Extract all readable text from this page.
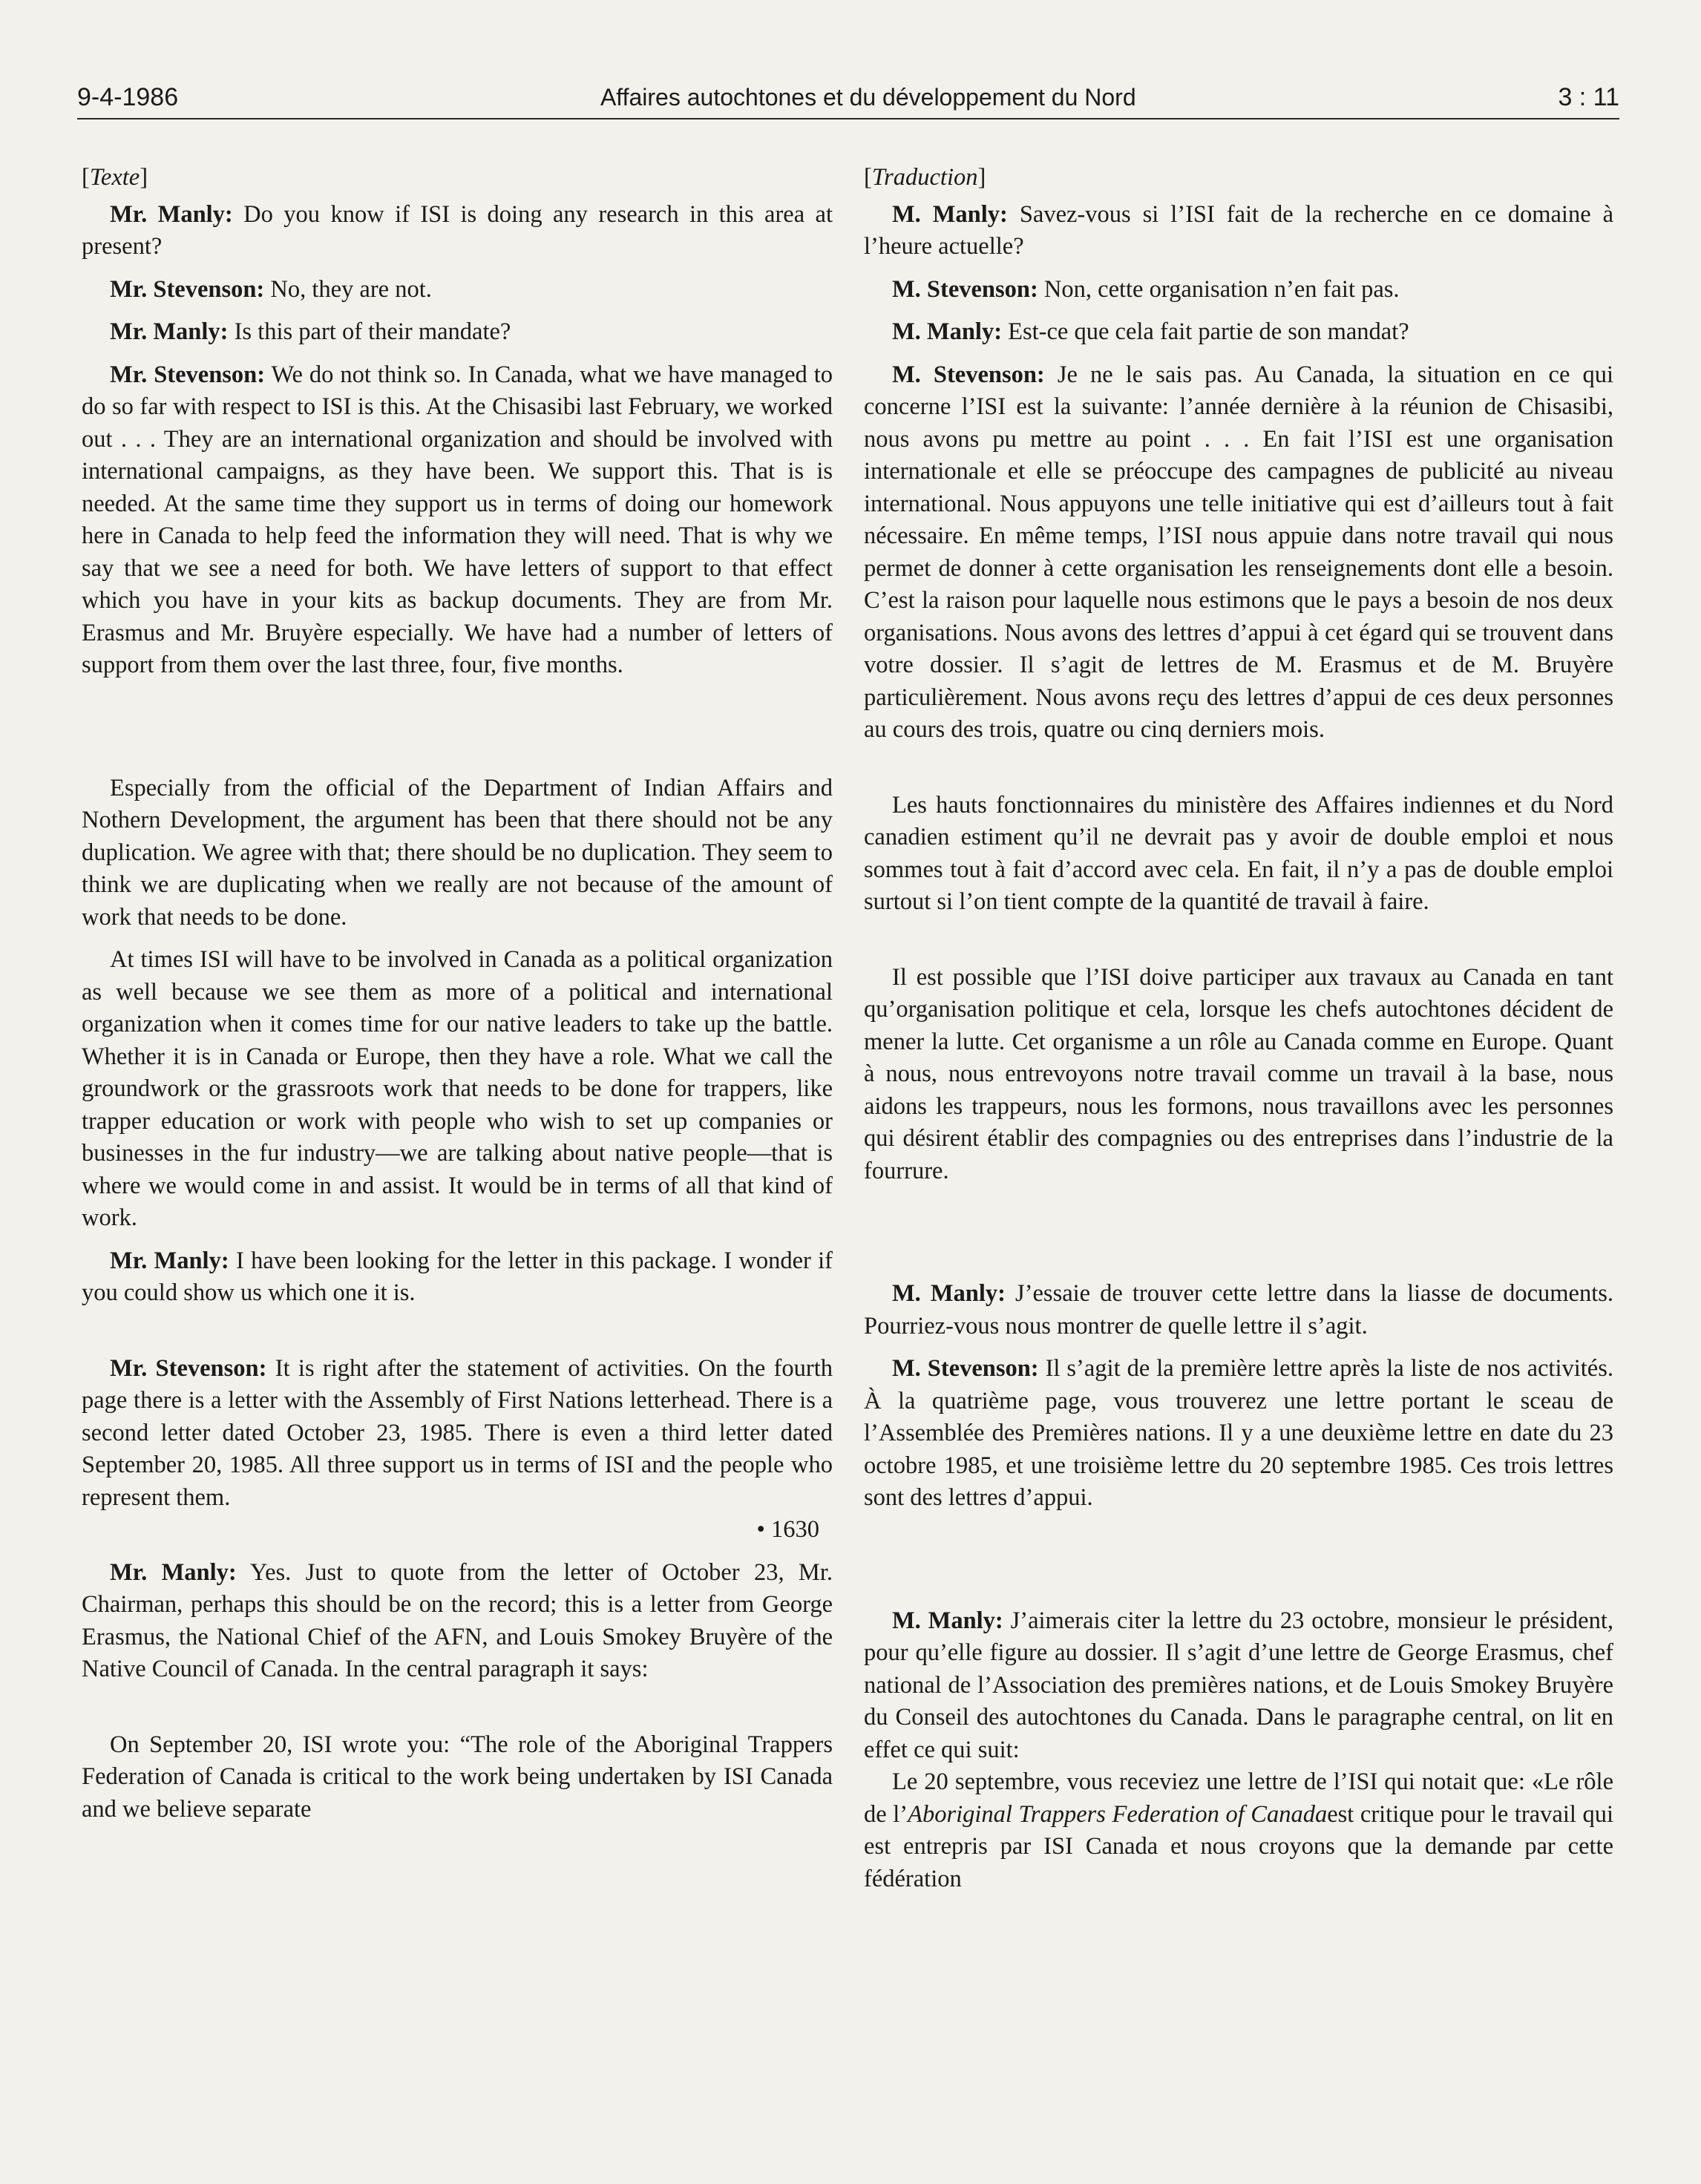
9-4-1986	Affaires autochtones et du développement du Nord	3 : 11

[Texte]

Mr. Manly: Do you know if ISI is doing any research in this area at present?

Mr. Stevenson: No, they are not.

Mr. Manly: Is this part of their mandate?

Mr. Stevenson: We do not think so. In Canada, what we have managed to do so far with respect to ISI is this. At the Chisasibi last February, we worked out . . . They are an international organization and should be involved with international campaigns, as they have been. We support this. That is is needed. At the same time they support us in terms of doing our homework here in Canada to help feed the information they will need. That is why we say that we see a need for both. We have letters of support to that effect which you have in your kits as backup documents. They are from Mr. Erasmus and Mr. Bruyère especially. We have had a number of letters of support from them over the last three, four, five months.

Especially from the official of the Department of Indian Affairs and Nothern Development, the argument has been that there should not be any duplication. We agree with that; there should be no duplication. They seem to think we are duplicating when we really are not because of the amount of work that needs to be done.

At times ISI will have to be involved in Canada as a political organization as well because we see them as more of a political and international organization when it comes time for our native leaders to take up the battle. Whether it is in Canada or Europe, then they have a role. What we call the groundwork or the grassroots work that needs to be done for trappers, like trapper education or work with people who wish to set up companies or businesses in the fur industry—we are talking about native people—that is where we would come in and assist. It would be in terms of all that kind of work.

Mr. Manly: I have been looking for the letter in this package. I wonder if you could show us which one it is.

Mr. Stevenson: It is right after the statement of activities. On the fourth page there is a letter with the Assembly of First Nations letterhead. There is a second letter dated October 23, 1985. There is even a third letter dated September 20, 1985. All three support us in terms of ISI and the people who represent them.

• 1630

Mr. Manly: Yes. Just to quote from the letter of October 23, Mr. Chairman, perhaps this should be on the record; this is a letter from George Erasmus, the National Chief of the AFN, and Louis Smokey Bruyère of the Native Council of Canada. In the central paragraph it says:

On September 20, ISI wrote you: “The role of the Aboriginal Trappers Federation of Canada is critical to the work being undertaken by ISI Canada and we believe separate

[Traduction]

M. Manly: Savez-vous si l’ISI fait de la recherche en ce domaine à l’heure actuelle?

M. Stevenson: Non, cette organisation n’en fait pas.

M. Manly: Est-ce que cela fait partie de son mandat?

M. Stevenson: Je ne le sais pas. Au Canada, la situation en ce qui concerne l’ISI est la suivante: l’année dernière à la réunion de Chisasibi, nous avons pu mettre au point . . . En fait l’ISI est une organisation internationale et elle se préoccupe des campagnes de publicité au niveau international. Nous appuyons une telle initiative qui est d’ailleurs tout à fait nécessaire. En même temps, l’ISI nous appuie dans notre travail qui nous permet de donner à cette organisation les renseignements dont elle a besoin. C’est la raison pour laquelle nous estimons que le pays a besoin de nos deux organisations. Nous avons des lettres d’appui à cet égard qui se trouvent dans votre dossier. Il s’agit de lettres de M. Erasmus et de M. Bruyère particulièrement. Nous avons reçu des lettres d’appui de ces deux personnes au cours des trois, quatre ou cinq derniers mois.

Les hauts fonctionnaires du ministère des Affaires indiennes et du Nord canadien estiment qu’il ne devrait pas y avoir de double emploi et nous sommes tout à fait d’accord avec cela. En fait, il n’y a pas de double emploi surtout si l’on tient compte de la quantité de travail à faire.

Il est possible que l’ISI doive participer aux travaux au Canada en tant qu’organisation politique et cela, lorsque les chefs autochtones décident de mener la lutte. Cet organisme a un rôle au Canada comme en Europe. Quant à nous, nous entrevoyons notre travail comme un travail à la base, nous aidons les trappeurs, nous les formons, nous travaillons avec les personnes qui désirent établir des compagnies ou des entreprises dans l’industrie de la fourrure.

M. Manly: J’essaie de trouver cette lettre dans la liasse de documents. Pourriez-vous nous montrer de quelle lettre il s’agit.

M. Stevenson: Il s’agit de la première lettre après la liste de nos activités. À la quatrième page, vous trouverez une lettre portant le sceau de l’Assemblée des Premières nations. Il y a une deuxième lettre en date du 23 octobre 1985, et une troisième lettre du 20 septembre 1985. Ces trois lettres sont des lettres d’appui.

M. Manly: J’aimerais citer la lettre du 23 octobre, monsieur le président, pour qu’elle figure au dossier. Il s’agit d’une lettre de George Erasmus, chef national de l’Association des premières nations, et de Louis Smokey Bruyère du Conseil des autochtones du Canada. Dans le paragraphe central, on lit en effet ce qui suit:

Le 20 septembre, vous receviez une lettre de l’ISI qui notait que: «Le rôle de l’Aboriginal Trappers Federation of Canadaest critique pour le travail qui est entrepris par ISI Canada et nous croyons que la demande par cette fédération
